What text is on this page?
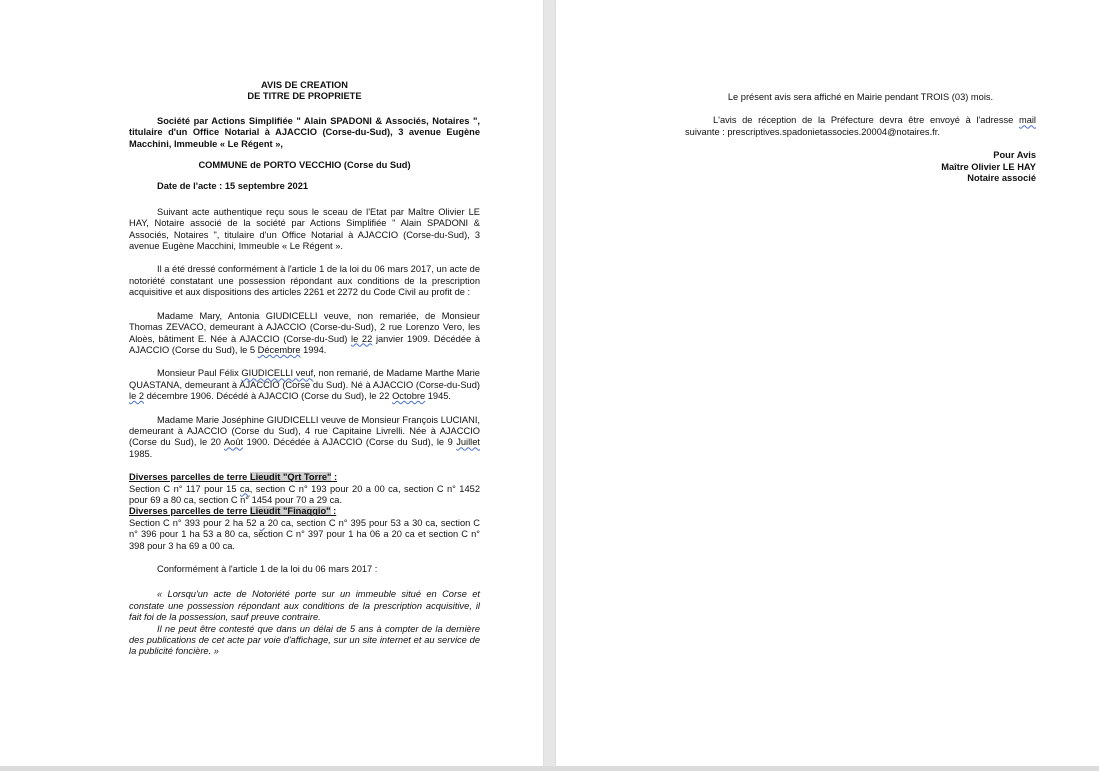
AVIS DE CREATION

DE TITRE DE PROPRIETE

Société par Actions Simplifiée " Alain SPADONI & Associés, Notaires ", titulaire d'un Office Notarial à AJACCIO (Corse-du-Sud), 3 avenue Eugène Macchini, Immeuble « Le Régent »,

COMMUNE de PORTO VECCHIO (Corse du Sud)

Date de l'acte : 15 septembre 2021

Suivant acte authentique reçu sous le sceau de l'Etat par Maître Olivier LE HAY, Notaire associé de la société par Actions Simplifiée " Alain SPADONI & Associés, Notaires ", titulaire d'un Office Notarial à AJACCIO (Corse-du-Sud), 3 avenue Eugène Macchini, Immeuble « Le Régent ».

Il a été dressé conformément à l'article 1 de la loi du 06 mars 2017, un acte de notoriété constatant une possession répondant aux conditions de la prescription acquisitive et aux dispositions des articles 2261 et 2272 du Code Civil au profit de :

Madame Mary, Antonia GIUDICELLI veuve, non remariée, de Monsieur Thomas ZEVACO, demeurant à AJACCIO (Corse-du-Sud), 2 rue Lorenzo Vero, les Aloès, bâtiment E. Née à AJACCIO (Corse-du-Sud) le 22 janvier 1909. Décédée à AJACCIO (Corse du Sud), le 5 Décembre 1994.

Monsieur Paul Félix GIUDICELLI veuf, non remarié, de Madame Marthe Marie QUASTANA, demeurant à AJACCIO (Corse du Sud). Né à AJACCIO (Corse-du-Sud) le 2 décembre 1906. Décédé à AJACCIO (Corse du Sud), le 22 Octobre 1945.

Madame Marie Joséphine GIUDICELLI veuve de Monsieur François LUCIANI, demeurant à AJACCIO (Corse du Sud), 4 rue Capitaine Livrelli. Née à AJACCIO (Corse du Sud), le 20 Août 1900. Décédée à AJACCIO (Corse du Sud), le 9 Juillet 1985.

Diverses parcelles de terre Lieudit "Qrt Torre" :

Section C n° 117 pour 15 ca, section C n° 193 pour 20 a 00 ca, section C n° 1452 pour 69 a 80 ca, section C n° 1454 pour 70 a 29 ca.

Diverses parcelles de terre Lieudit "Finaggio" :

Section C n° 393 pour 2 ha 52 a 20 ca, section C n° 395 pour 53 a 30 ca, section C n° 396 pour 1 ha 53 a 80 ca, section C n° 397 pour 1 ha 06 a 20 ca et section C n° 398 pour 3 ha 69 a 00 ca.

Conformément à l'article 1 de la loi du 06 mars 2017 :

« Lorsqu'un acte de Notoriété porte sur un immeuble situé en Corse et constate une possession répondant aux conditions de la prescription acquisitive, il fait foi de la possession, sauf preuve contraire.

Il ne peut être contesté que dans un délai de 5 ans à compter de la dernière des publications de cet acte par voie d'affichage, sur un site internet et au service de la publicité foncière. »

Le présent avis sera affiché en Mairie pendant TROIS (03) mois.

L'avis de réception de la Préfecture devra être envoyé à l'adresse mail suivante : prescriptives.spadonietassocies.20004@notaires.fr.

Pour Avis

Maître Olivier LE HAY

Notaire associé
